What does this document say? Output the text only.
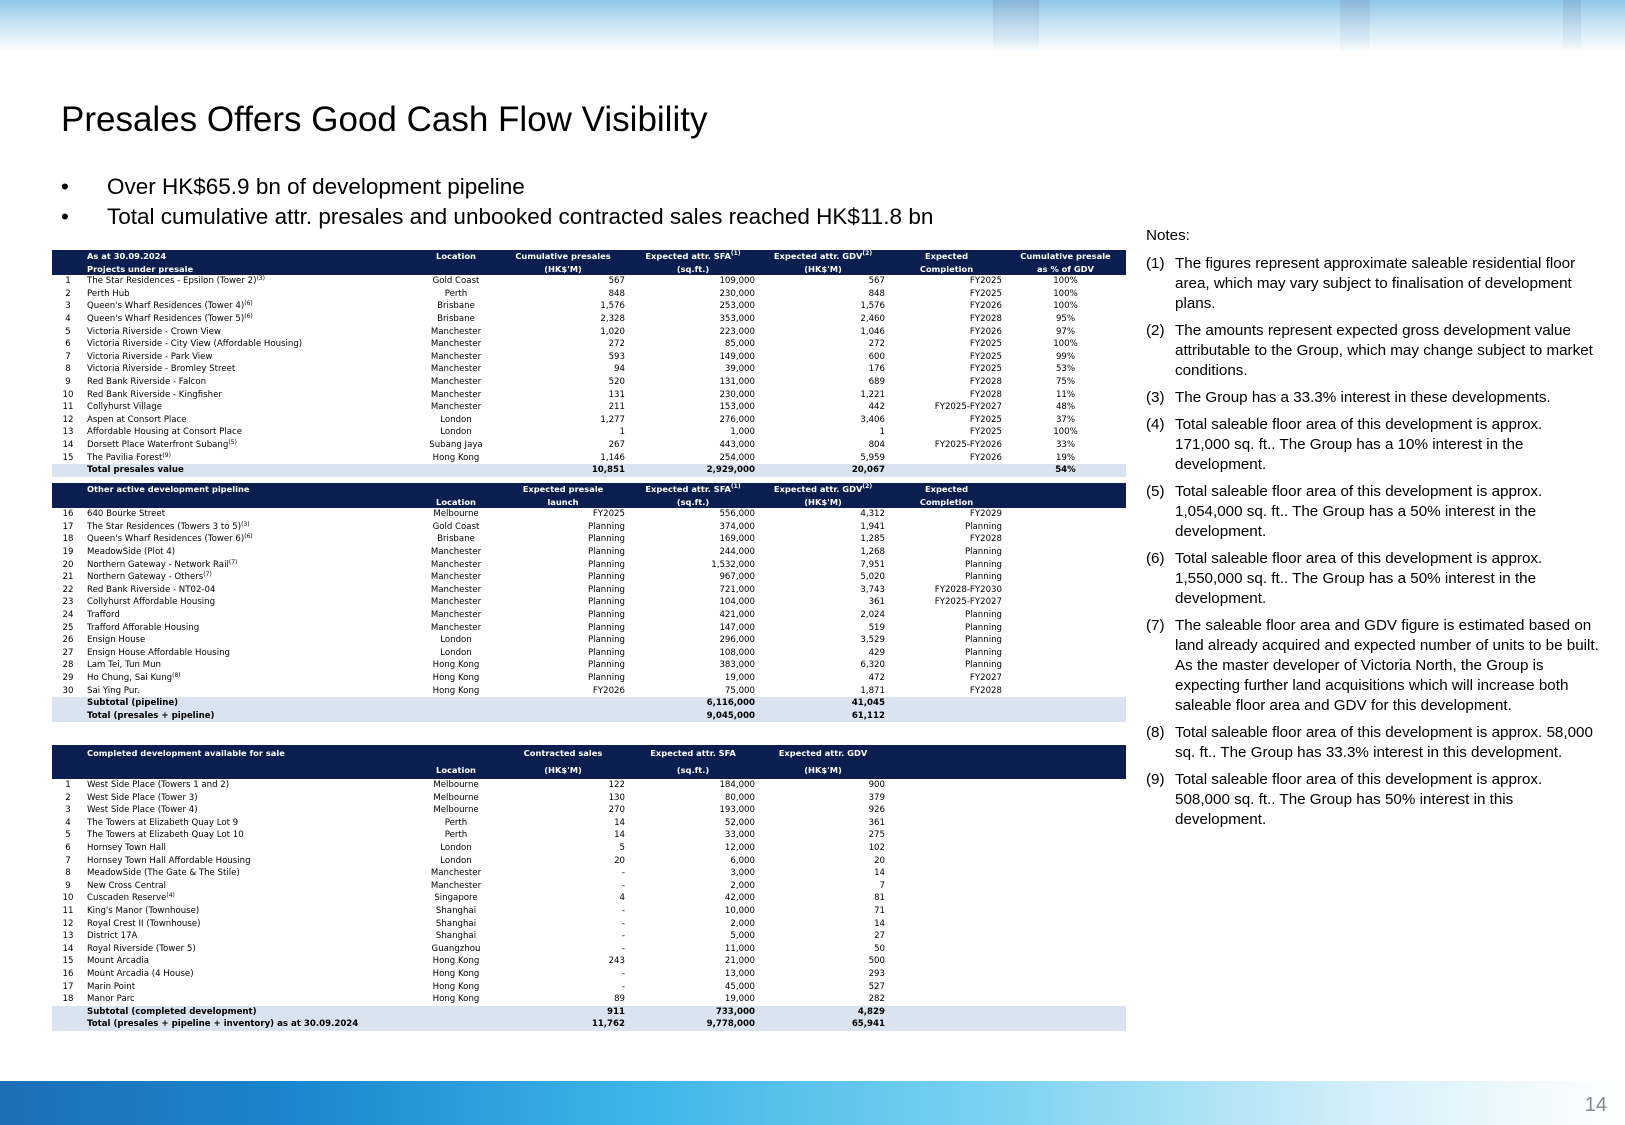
Presales Offers Good Cash Flow Visibility
•	Over HK$65.9 bn of development pipeline
•	Total cumulative attr. presales and unbooked contracted sales reached HK$11.8 bn
Notes:
(1) The figures represent approximate saleable residential floor area, which may vary subject to finalisation of development plans.
(2) The amounts represent expected gross development value attributable to the Group, which may change subject to market conditions.
(3) The Group has a 33.3% interest in these developments.
(4) Total saleable floor area of this development is approx. 171,000 sq. ft.. The Group has a 10% interest in the development.
(5) Total saleable floor area of this development is approx. 1,054,000 sq. ft.. The Group has a 50% interest in the development.
(6) Total saleable floor area of this development is approx. 1,550,000 sq. ft.. The Group has a 50% interest in the development.
(7) The saleable floor area and GDV figure is estimated based on land already acquired and expected number of units to be built. As the master developer of Victoria North, the Group is expecting further land acquisitions which will increase both saleable floor area and GDV for this development.
(8) Total saleable floor area of this development is approx. 58,000 sq. ft.. The Group has 33.3% interest in this development.
(9) Total saleable floor area of this development is approx. 508,000 sq. ft.. The Group has 50% interest in this development.
	As at 30.09.2024	Location	Cumulative presales	Expected attr. SFA$^{(1)}$	Expected attr. GDV$^{(2)}$	Expected	Cumulative presale
	Projects under presale		(HK$'M)	(sq.ft.)	(HK$'M)	Completion	as % of GDV
1	The Star Residences - Epsilon (Tower 2)$^{(3)}$	Gold Coast	567	109,000	567	FY2025	100%
2	Perth Hub	Perth	848	230,000	848	FY2025	100%
3	Queen's Wharf Residences (Tower 4)$^{(6)}$	Brisbane	1,576	253,000	1,576	FY2026	100%
4	Queen's Wharf Residences (Tower 5)$^{(6)}$	Brisbane	2,328	353,000	2,460	FY2028	95%
5	Victoria Riverside - Crown View	Manchester	1,020	223,000	1,046	FY2026	97%
6	Victoria Riverside - City View (Affordable Housing)	Manchester	272	85,000	272	FY2025	100%
7	Victoria Riverside - Park View	Manchester	593	149,000	600	FY2025	99%
8	Victoria Riverside - Bromley Street	Manchester	94	39,000	176	FY2025	53%
9	Red Bank Riverside - Falcon	Manchester	520	131,000	689	FY2028	75%
10	Red Bank Riverside - Kingfisher	Manchester	131	230,000	1,221	FY2028	11%
11	Collyhurst Village	Manchester	211	153,000	442	FY2025-FY2027	48%
12	Aspen at Consort Place	London	1,277	276,000	3,406	FY2025	37%
13	Affordable Housing at Consort Place	London	1	1,000	1	FY2025	100%
14	Dorsett Place Waterfront Subang$^{(5)}$	Subang Jaya	267	443,000	804	FY2025-FY2026	33%
15	The Pavilia Forest$^{(9)}$	Hong Kong	1,146	254,000	5,959	FY2026	19%
	Total presales value		10,851	2,929,000	20,067		54%
	Other active development pipeline		Expected presale	Expected attr. SFA$^{(1)}$	Expected attr. GDV$^{(2)}$	Expected	
		Location	launch	(sq.ft.)	(HK$'M)	Completion	
16	640 Bourke Street	Melbourne	FY2025	556,000	4,312	FY2029	
17	The Star Residences (Towers 3 to 5)$^{(3)}$	Gold Coast	Planning	374,000	1,941	Planning	
18	Queen's Wharf Residences (Tower 6)$^{(6)}$	Brisbane	Planning	169,000	1,285	FY2028	
19	MeadowSide (Plot 4)	Manchester	Planning	244,000	1,268	Planning	
20	Northern Gateway - Network Rail$^{(7)}$	Manchester	Planning	1,532,000	7,951	Planning	
21	Northern Gateway - Others$^{(7)}$	Manchester	Planning	967,000	5,020	Planning	
22	Red Bank Riverside - NT02-04	Manchester	Planning	721,000	3,743	FY2028-FY2030	
23	Collyhurst Affordable Housing	Manchester	Planning	104,000	361	FY2025-FY2027	
24	Trafford	Manchester	Planning	421,000	2,024	Planning	
25	Trafford Afforable Housing	Manchester	Planning	147,000	519	Planning	
26	Ensign House	London	Planning	296,000	3,529	Planning	
27	Ensign House Affordable Housing	London	Planning	108,000	429	Planning	
28	Lam Tei, Tun Mun	Hong Kong	Planning	383,000	6,320	Planning	
29	Ho Chung, Sai Kung$^{(8)}$	Hong Kong	Planning	19,000	472	FY2027	
30	Sai Ying Pur.	Hong Kong	FY2026	75,000	1,871	FY2028	
	Subtotal (pipeline)			6,116,000	41,045		
	Total (presales + pipeline)			9,045,000	61,112		
	Completed development available for sale		Contracted sales	Expected attr. SFA	Expected attr. GDV		
		Location	(HK$'M)	(sq.ft.)	(HK$'M)		
1	West Side Place (Towers 1 and 2)	Melbourne	122	184,000	900		
2	West Side Place (Tower 3)	Melbourne	130	80,000	379		
3	West Side Place (Tower 4)	Melbourne	270	193,000	926		
4	The Towers at Elizabeth Quay Lot 9	Perth	14	52,000	361		
5	The Towers at Elizabeth Quay Lot 10	Perth	14	33,000	275		
6	Hornsey Town Hall	London	5	12,000	102		
7	Hornsey Town Hall Affordable Housing	London	20	6,000	20		
8	MeadowSide (The Gate & The Stile)	Manchester	-	3,000	14		
9	New Cross Central	Manchester	-	2,000	7		
10	Cuscaden Reserve$^{(4)}$	Singapore	4	42,000	81		
11	King's Manor (Townhouse)	Shanghai	-	10,000	71		
12	Royal Crest II (Townhouse)	Shanghai	-	2,000	14		
13	District 17A	Shanghai	-	5,000	27		
14	Royal Riverside (Tower 5)	Guangzhou	-	11,000	50		
15	Mount Arcadia	Hong Kong	243	21,000	500		
16	Mount Arcadia (4 House)	Hong Kong	-	13,000	293		
17	Marin Point	Hong Kong	-	45,000	527		
18	Manor Parc	Hong Kong	89	19,000	282		
	Subtotal (completed development)		911	733,000	4,829		
	Total (presales + pipeline + inventory) as at 30.09.2024		11,762	9,778,000	65,941		
14
